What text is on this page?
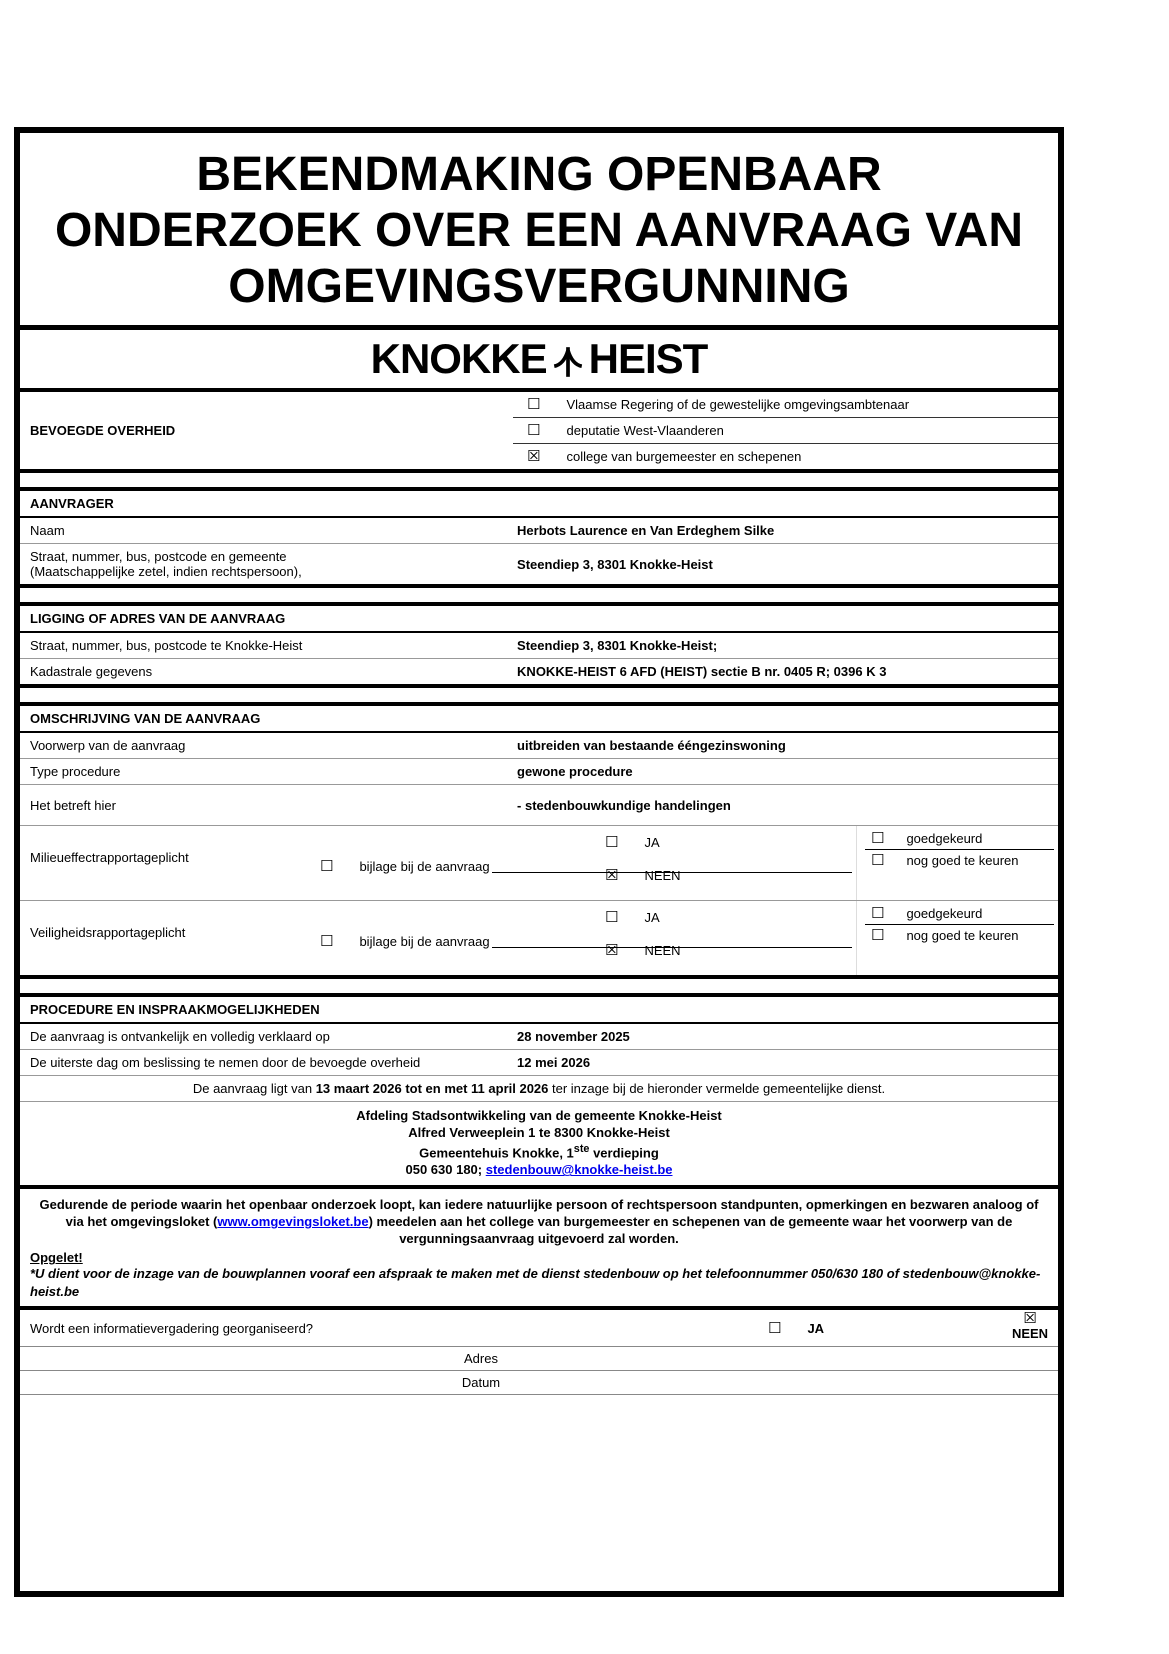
BEKENDMAKING OPENBAAR
ONDERZOEK OVER EEN AANVRAAG VAN
OMGEVINGSVERGUNNING
KNOKKE HEIST
BEVOEGDE OVERHEID
☐ Vlaamse Regering of de gewestelijke omgevingsambtenaar
☐ deputatie West-Vlaanderen
☒ college van burgemeester en schepenen
AANVRAGER
Naam	Herbots Laurence en Van Erdeghem Silke
Straat, nummer, bus, postcode en gemeente
(Maatschappelijke zetel, indien rechtspersoon),	Steendiep 3, 8301 Knokke-Heist
LIGGING OF ADRES VAN DE AANVRAAG
Straat, nummer, bus, postcode te Knokke-Heist	Steendiep 3, 8301 Knokke-Heist;
Kadastrale gegevens	KNOKKE-HEIST 6 AFD (HEIST) sectie B nr. 0405 R; 0396 K 3
OMSCHRIJVING VAN DE AANVRAAG
Voorwerp van de aanvraag	uitbreiden van bestaande ééngezinswoning
Type procedure	gewone procedure
Het betreft hier	- stedenbouwkundige handelingen
Milieueffectrapportageplicht	☐ bijlage bij de aanvraag
☐ JA
☒ NEEN
☐ goedgekeurd
☐ nog goed te keuren
Veiligheidsrapportageplicht	☐ bijlage bij de aanvraag
☐ JA
☒ NEEN
☐ goedgekeurd
☐ nog goed te keuren
PROCEDURE EN INSPRAAKMOGELIJKHEDEN
De aanvraag is ontvankelijk en volledig verklaard op	28 november 2025
De uiterste dag om beslissing te nemen door de bevoegde overheid	12 mei 2026
De aanvraag ligt van 13 maart 2026 tot en met 11 april 2026 ter inzage bij de hieronder vermelde gemeentelijke dienst.
Afdeling Stadsontwikkeling van de gemeente Knokke-Heist
Alfred Verweeplein 1 te 8300 Knokke-Heist
Gemeentehuis Knokke, 1ste verdieping
050 630 180; stedenbouw@knokke-heist.be
Gedurende de periode waarin het openbaar onderzoek loopt, kan iedere natuurlijke persoon of rechtspersoon standpunten, opmerkingen en bezwaren analoog of via het omgevingsloket (www.omgevingsloket.be) meedelen aan het college van burgemeester en schepenen van de gemeente waar het voorwerp van de vergunningsaanvraag uitgevoerd zal worden.
Opgelet!
*U dient voor de inzage van de bouwplannen vooraf een afspraak te maken met de dienst stedenbouw op het telefoonnummer 050/630 180 of stedenbouw@knokke-heist.be
Wordt een informatievergadering georganiseerd?	☐ JA
☒
NEEN
Adres
Datum
